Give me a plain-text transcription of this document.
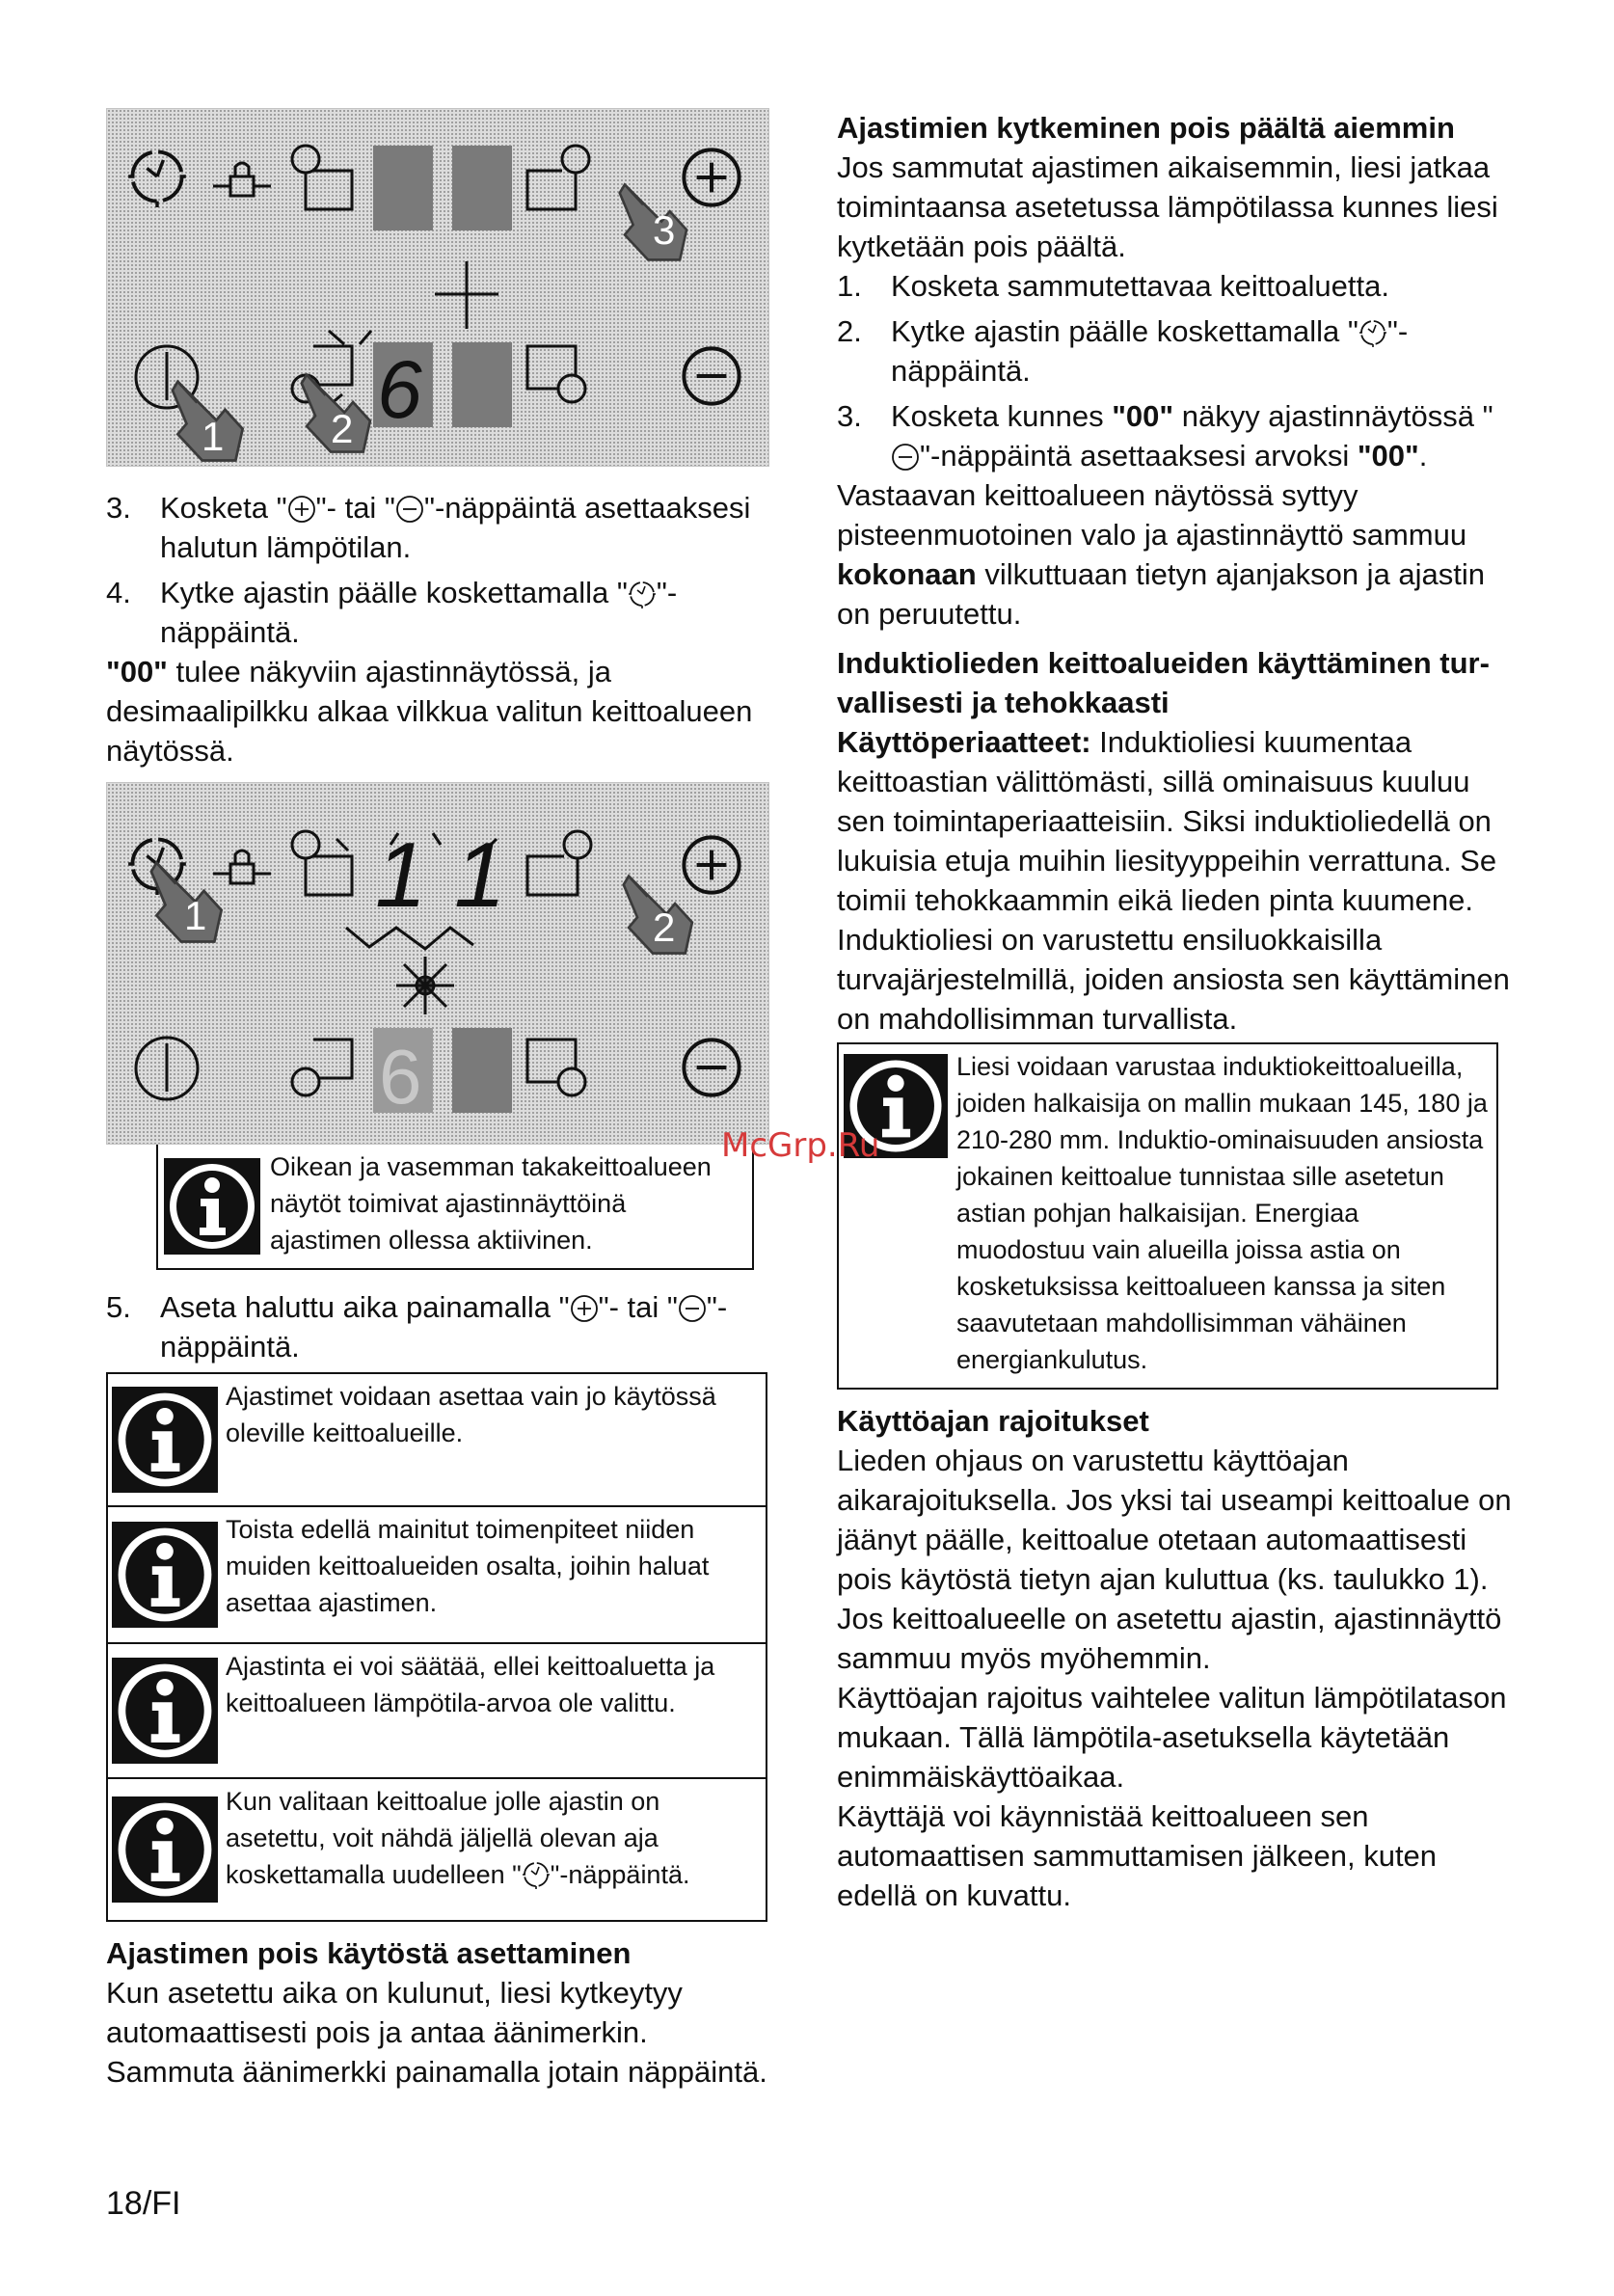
3
1
6
2
3. Kosketa " "- tai " "-näppäintä asettaaksesi halutun lämpötilan.
4. Kytke ajastin päälle koskettamalla " "- näppäintä.

"00" tulee näkyviin ajastinnäytössä, ja desimaalipilkku alkaa vilkkua valitun keittoalueen näytössä.

1 1 1
2
6
Oikean ja vasemman takakeittoalueen näytöt toimivat ajastinnäyttöinä ajastimen ollessa aktiivinen.
5. Aseta haluttu aika painamalla " "- tai " "- näppäintä.
Ajastimet voidaan asettaa vain jo käytössä oleville keittoalueille.
Toista edellä mainitut toimenpiteet niiden muiden keittoalueiden osalta, joihin haluat asettaa ajastimen.
Ajastinta ei voi säätää, ellei keittoaluetta ja keittoalueen lämpötila-arvoa ole valittu.
Kun valitaan keittoalue jolle ajastin on asetettu, voit nähdä jäljellä olevan aja koskettamalla uudelleen " "-näppäintä.
Ajastimen pois käytöstä asettaminen

Kun asetettu aika on kulunut, liesi kytkeytyy automaattisesti pois ja antaa äänimerkin. Sammuta äänimerkki painamalla jotain näppäintä.

Ajastimien kytkeminen pois päältä aiemmin

Jos sammutat ajastimen aikaisemmin, liesi jatkaa toimintaansa asetetussa lämpötilassa kunnes liesi kytketään pois päältä.

1. Kosketa sammutettavaa keittoaluetta.
2. Kytke ajastin päälle koskettamalla " "- näppäintä.
3. Kosketa kunnes "00" näkyy ajastinnäytössä ""-näppäintä asettaaksesi arvoksi "00".

Vastaavan keittoalueen näytössä syttyy pisteenmuotoinen valo ja ajastinnäyttö sammuu kokonaan vilkuttuaan tietyn ajanjakson ja ajastin on peruutettu.

Induktiolieden keittoalueiden käyttäminen tur- vallisesti ja tehokkaasti

Käyttöperiaatteet: Induktioliesi kuumentaa keittoastian välittömästi, sillä ominaisuus kuuluu sen toimintaperiaatteisiin. Siksi induktioliedellä on lukuisia etuja muihin liesityyppeihin verrattuna. Se toimii tehokkaammin eikä lieden pinta kuumene. Induktioliesi on varustettu ensiluokkaisilla turvajärjestelmillä, joiden ansiosta sen käyttäminen on mahdollisimman turvallista.

Liesi voidaan varustaa induktiokeittoalueilla, joiden halkaisija on mallin mukaan 145, 180 ja 210-280 mm. Induktio-ominaisuuden ansiosta jokainen keittoalue tunnistaa sille asetetun astian pohjan halkaisijan. Energiaa muodostuu vain alueilla joissa astia on kosketuksissa keittoalueen kanssa ja siten saavutetaan mahdollisimman vähäinen energiankulutus.
Käyttöajan rajoitukset

Lieden ohjaus on varustettu käyttöajan aikarajoituksella. Jos yksi tai useampi keittoalue on jäänyt päälle, keittoalue otetaan automaattisesti pois käytöstä tietyn ajan kuluttua (ks. taulukko 1). Jos keittoalueelle on asetettu ajastin, ajastinnäyttö sammuu myös myöhemmin.

Käyttöajan rajoitus vaihtelee valitun lämpötilatason mukaan. Tällä lämpötila-asetuksella käytetään enimmäiskäyttöaikaa.

Käyttäjä voi käynnistää keittoalueen sen automaattisen sammuttamisen jälkeen, kuten edellä on kuvattu.

McGrp.Ru
18/FI
